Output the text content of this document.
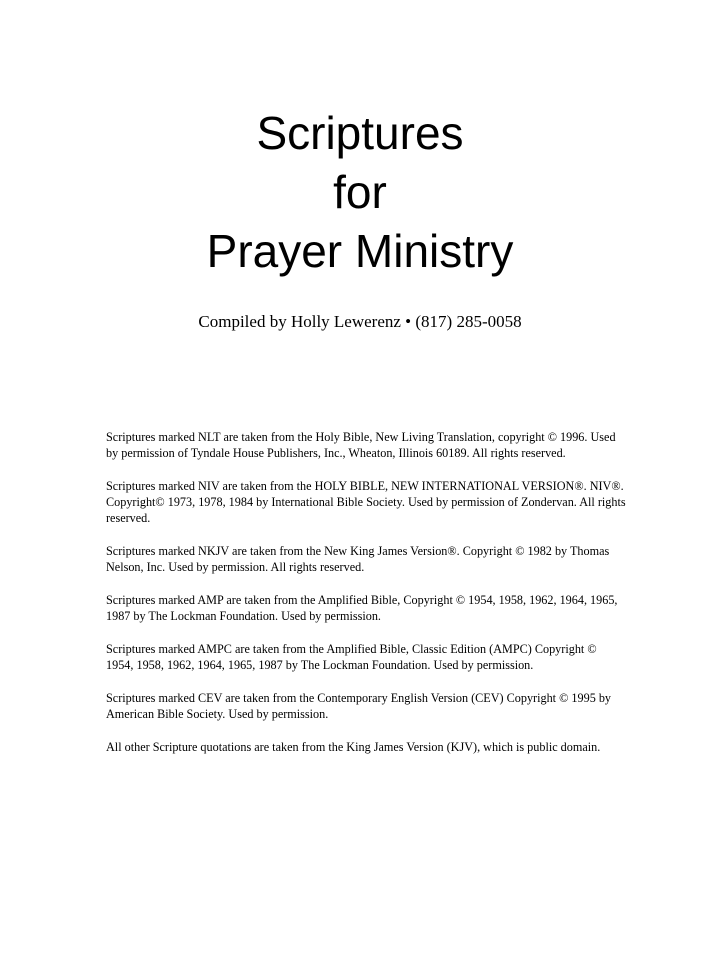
Scriptures
for
Prayer Ministry
Compiled by Holly Lewerenz • (817) 285-0058

Scriptures marked NLT are taken from the Holy Bible, New Living Translation, copyright © 1996. Used by permission of Tyndale House Publishers, Inc., Wheaton, Illinois 60189. All rights reserved.

Scriptures marked NIV are taken from the HOLY BIBLE, NEW INTERNATIONAL VERSION®. NIV®. Copyright© 1973, 1978, 1984 by International Bible Society. Used by permission of Zondervan. All rights reserved.

Scriptures marked NKJV are taken from the New King James Version®. Copyright © 1982 by Thomas Nelson, Inc. Used by permission. All rights reserved.

Scriptures marked AMP are taken from the Amplified Bible, Copyright © 1954, 1958, 1962, 1964, 1965, 1987 by The Lockman Foundation. Used by permission.

Scriptures marked AMPC are taken from the Amplified Bible, Classic Edition (AMPC) Copyright © 1954, 1958, 1962, 1964, 1965, 1987 by The Lockman Foundation. Used by permission.

Scriptures marked CEV are taken from the Contemporary English Version (CEV) Copyright © 1995 by American Bible Society. Used by permission.

All other Scripture quotations are taken from the King James Version (KJV), which is public domain.
